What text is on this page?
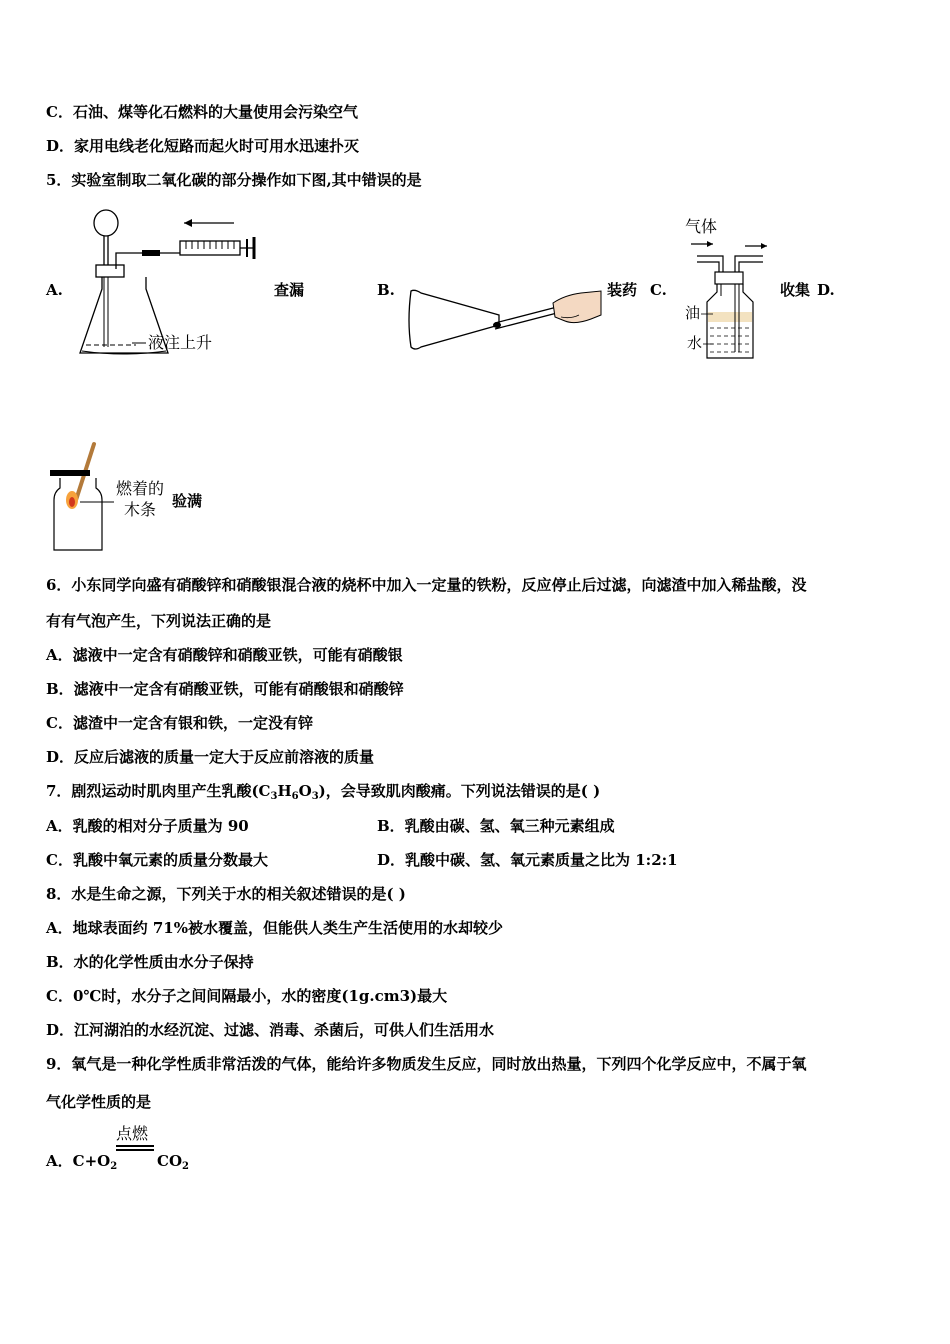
C．石油、煤等化石燃料的大量使用会污染空气
D．家用电线老化短路而起火时可用水迅速扑灭
5．实验室制取二氧化碳的部分操作如下图,其中错误的是
A.
液注上升
查漏	B.	装药 C.
气体
油
水
收集 D.
燃着的
木条 验满
6．小东同学向盛有硝酸锌和硝酸银混合液的烧杯中加入一定量的铁粉，反应停止后过滤，向滤渣中加入稀盐酸，没
有有气泡产生，下列说法正确的是
A．滤液中一定含有硝酸锌和硝酸亚铁，可能有硝酸银
B．滤液中一定含有硝酸亚铁，可能有硝酸银和硝酸锌
C．滤渣中一定含有银和铁，一定没有锌
D．反应后滤液的质量一定大于反应前溶液的质量
7．剧烈运动时肌肉里产生乳酸$(C_3H_6O_3)$，会导致肌肉酸痛。下列说法错误的是( )
A．乳酸的相对分子质量为 90	B．乳酸由碳、氢、氧三种元素组成
C．乳酸中氧元素的质量分数最大	D．乳酸中碳、氢、氧元素质量之比为 1:2:1
8．水是生命之源，下列关于水的相关叙述错误的是( )
A．地球表面约 71%被水覆盖，但能供人类生产生活使用的水却较少
B．水的化学性质由水分子保持
C．0℃时，水分子之间间隔最小，水的密度(1g.cm3)最大
D．江河湖泊的水经沉淀、过滤、消毒、杀菌后，可供人们生活用水
9．氧气是一种化学性质非常活泼的气体，能给许多物质发生反应，同时放出热量，下列四个化学反应中，不属于氧
气化学性质的是
点燃
A．$C+O_2$	$CO_2$
